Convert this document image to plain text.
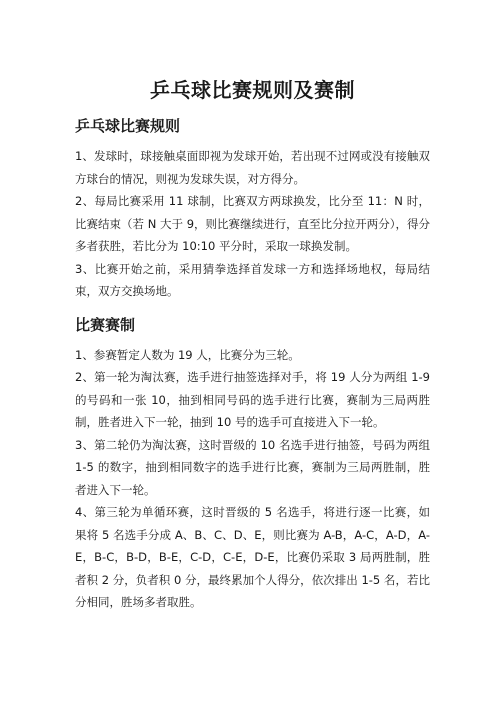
乒乓球比赛规则及赛制
乒乓球比赛规则

1、发球时，球接触桌面即视为发球开始，若出现不过网或没有接触双方球台的情况，则视为发球失误，对方得分。

2、每局比赛采用 11 球制，比赛双方两球换发，比分至 11：N 时，比赛结束（若 N 大于 9，则比赛继续进行，直至比分拉开两分），得分多者获胜，若比分为 10:10 平分时，采取一球换发制。

3、比赛开始之前，采用猜拳选择首发球一方和选择场地权，每局结束，双方交换场地。

比赛赛制

1、参赛暂定人数为 19 人，比赛分为三轮。

2、第一轮为淘汰赛，选手进行抽签选择对手，将 19 人分为两组 1-9 的号码和一张 10，抽到相同号码的选手进行比赛，赛制为三局两胜制，胜者进入下一轮，抽到 10 号的选手可直接进入下一轮。

3、第二轮仍为淘汰赛，这时晋级的 10 名选手进行抽签，号码为两组 1-5 的数字，抽到相同数字的选手进行比赛，赛制为三局两胜制，胜者进入下一轮。

4、第三轮为单循环赛，这时晋级的 5 名选手，将进行逐一比赛，如果将 5 名选手分成 A、B、C、D、E，则比赛为 A-B，A-C，A-D，A-E，B-C，B-D，B-E，C-D，C-E，D-E，比赛仍采取 3 局两胜制，胜者积 2 分，负者积 0 分，最终累加个人得分，依次排出 1-5 名，若比分相同，胜场多者取胜。
